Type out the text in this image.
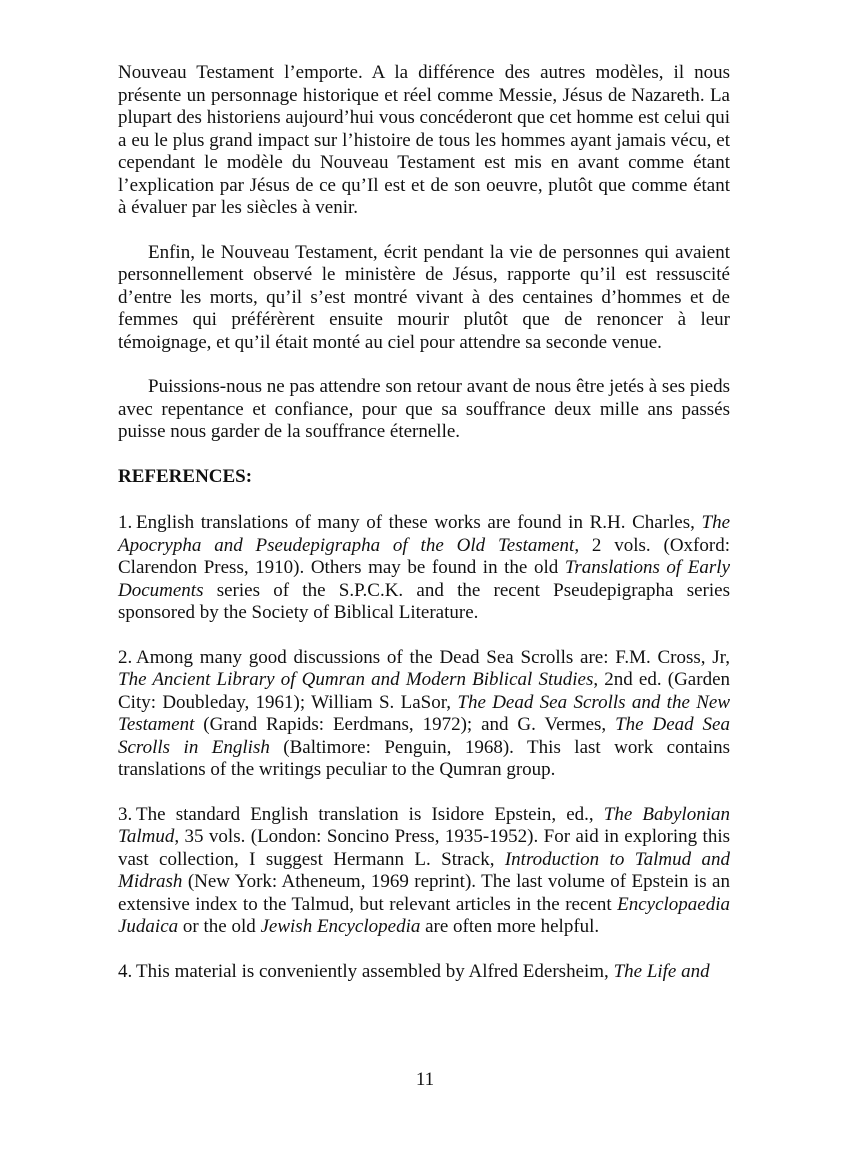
Nouveau Testament l’emporte. A la différence des autres modèles, il nous présente un personnage historique et réel comme Messie, Jésus de Nazareth. La plupart des historiens aujourd’hui vous concéderont que cet homme est celui qui a eu le plus grand impact sur l’histoire de tous les hommes ayant jamais vécu, et cependant le modèle du Nouveau Testament est mis en avant comme étant l’explication par Jésus de ce qu’Il est et de son oeuvre, plutôt que comme étant à évaluer par les siècles à venir.

Enfin, le Nouveau Testament, écrit pendant la vie de personnes qui avaient personnellement observé le ministère de Jésus, rapporte qu’il est ressuscité d’entre les morts, qu’il s’est montré vivant à des centaines d’hommes et de femmes qui préférèrent ensuite mourir plutôt que de renoncer à leur témoignage, et qu’il était monté au ciel pour attendre sa seconde venue.

Puissions-nous ne pas attendre son retour avant de nous être jetés à ses pieds avec repentance et confiance, pour que sa souffrance deux mille ans passés puisse nous garder de la souffrance éternelle.

REFERENCES:

1. English translations of many of these works are found in R.H. Charles, The Apocrypha and Pseudepigrapha of the Old Testament, 2 vols. (Oxford: Clarendon Press, 1910). Others may be found in the old Translations of Early Documents series of the S.P.C.K. and the recent Pseudepigrapha series sponsored by the Society of Biblical Literature.

2. Among many good discussions of the Dead Sea Scrolls are: F.M. Cross, Jr, The Ancient Library of Qumran and Modern Biblical Studies, 2nd ed. (Garden City: Doubleday, 1961); William S. LaSor, The Dead Sea Scrolls and the New Testament (Grand Rapids: Eerdmans, 1972); and G. Vermes, The Dead Sea Scrolls in English (Baltimore: Penguin, 1968). This last work contains translations of the writings peculiar to the Qumran group.

3. The standard English translation is Isidore Epstein, ed., The Babylonian Talmud, 35 vols. (London: Soncino Press, 1935-1952). For aid in exploring this vast collection, I suggest Hermann L. Strack, Introduction to Talmud and Midrash (New York: Atheneum, 1969 reprint). The last volume of Epstein is an extensive index to the Talmud, but relevant articles in the recent Encyclopaedia Judaica or the old Jewish Encyclopedia are often more helpful.

4. This material is conveniently assembled by Alfred Edersheim, The Life and

11
